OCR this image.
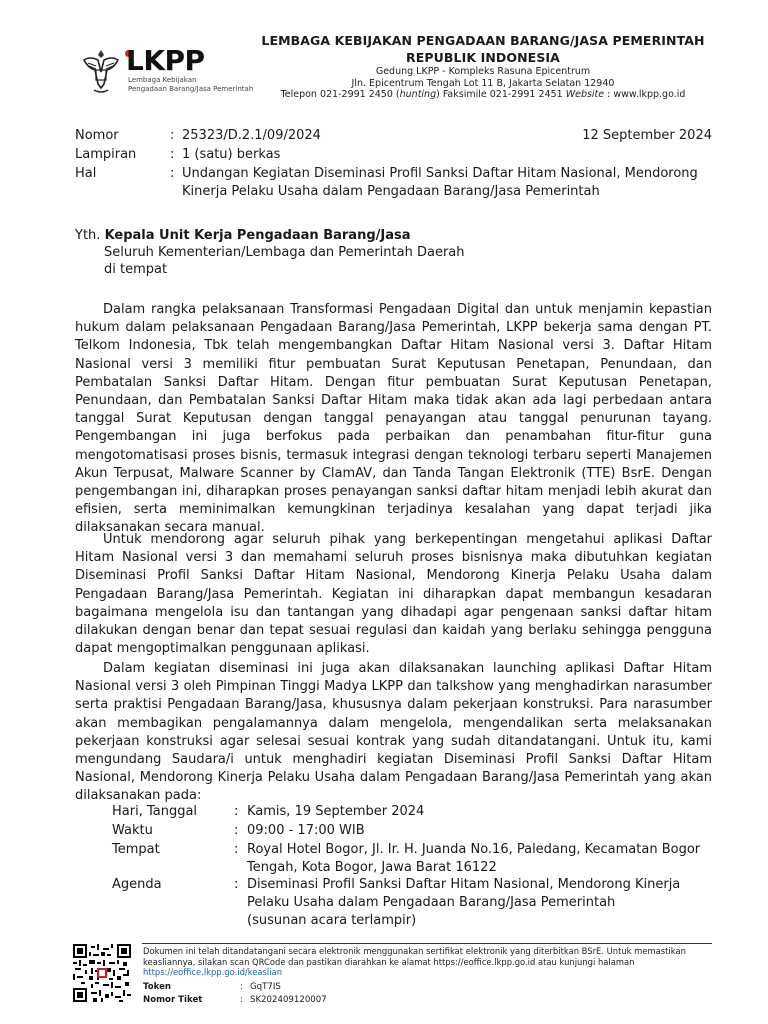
LKPP
Lembaga Kebijakan
Pengadaan Barang/Jasa Pemerintah
LEMBAGA KEBIJAKAN PENGADAAN BARANG/JASA PEMERINTAH
REPUBLIK INDONESIA
Gedung LKPP - Kompleks Rasuna Epicentrum
Jln. Epicentrum Tengah Lot 11 B, Jakarta Selatan 12940
Telepon 021-2991 2450 (hunting) Faksimile 021-2991 2451 Website : www.lkpp.go.id
Nomor	: 25323/D.2.1/09/2024	12 September 2024
Lampiran	: 1 (satu) berkas
Hal	: Undangan Kegiatan Diseminasi Profil Sanksi Daftar Hitam Nasional, Mendorong
Kinerja Pelaku Usaha dalam Pengadaan Barang/Jasa Pemerintah
Yth. Kepala Unit Kerja Pengadaan Barang/Jasa
Seluruh Kementerian/Lembaga dan Pemerintah Daerah
di tempat

Dalam rangka pelaksanaan Transformasi Pengadaan Digital dan untuk menjamin kepastian hukum dalam pelaksanaan Pengadaan Barang/Jasa Pemerintah, LKPP bekerja sama dengan PT. Telkom Indonesia, Tbk telah mengembangkan Daftar Hitam Nasional versi 3. Daftar Hitam Nasional versi 3 memiliki fitur pembuatan Surat Keputusan Penetapan, Penundaan, dan Pembatalan Sanksi Daftar Hitam. Dengan fitur pembuatan Surat Keputusan Penetapan, Penundaan, dan Pembatalan Sanksi Daftar Hitam maka tidak akan ada lagi perbedaan antara tanggal Surat Keputusan dengan tanggal penayangan atau tanggal penurunan tayang. Pengembangan ini juga berfokus pada perbaikan dan penambahan fitur-fitur guna mengotomatisasi proses bisnis, termasuk integrasi dengan teknologi terbaru seperti Manajemen Akun Terpusat, Malware Scanner by ClamAV, dan Tanda Tangan Elektronik (TTE) BsrE. Dengan pengembangan ini, diharapkan proses penayangan sanksi daftar hitam menjadi lebih akurat dan efisien, serta meminimalkan kemungkinan terjadinya kesalahan yang dapat terjadi jika dilaksanakan secara manual.

Untuk mendorong agar seluruh pihak yang berkepentingan mengetahui aplikasi Daftar Hitam Nasional versi 3 dan memahami seluruh proses bisnisnya maka dibutuhkan kegiatan Diseminasi Profil Sanksi Daftar Hitam Nasional, Mendorong Kinerja Pelaku Usaha dalam Pengadaan Barang/Jasa Pemerintah. Kegiatan ini diharapkan dapat membangun kesadaran bagaimana mengelola isu dan tantangan yang dihadapi agar pengenaan sanksi daftar hitam dilakukan dengan benar dan tepat sesuai regulasi dan kaidah yang berlaku sehingga pengguna dapat mengoptimalkan penggunaan aplikasi.

Dalam kegiatan diseminasi ini juga akan dilaksanakan launching aplikasi Daftar Hitam Nasional versi 3 oleh Pimpinan Tinggi Madya LKPP dan talkshow yang menghadirkan narasumber serta praktisi Pengadaan Barang/Jasa, khususnya dalam pekerjaan konstruksi. Para narasumber akan membagikan pengalamannya dalam mengelola, mengendalikan serta melaksanakan pekerjaan konstruksi agar selesai sesuai kontrak yang sudah ditandatangani. Untuk itu, kami mengundang Saudara/i untuk menghadiri kegiatan Diseminasi Profil Sanksi Daftar Hitam Nasional, Mendorong Kinerja Pelaku Usaha dalam Pengadaan Barang/Jasa Pemerintah yang akan dilaksanakan pada:

Hari, Tanggal	: Kamis, 19 September 2024
Waktu	: 09:00 - 17:00 WIB
Tempat	: Royal Hotel Bogor, Jl. Ir. H. Juanda No.16, Paledang, Kecamatan Bogor
Tengah, Kota Bogor, Jawa Barat 16122
Agenda	: Diseminasi Profil Sanksi Daftar Hitam Nasional, Mendorong Kinerja
Pelaku Usaha dalam Pengadaan Barang/Jasa Pemerintah
(susunan acara terlampir)
Dokumen ini telah ditandatangani secara elektronik menggunakan sertifikat elektronik yang diterbitkan BSrE. Untuk memastikan keasliannya, silakan scan QRCode dan pastikan diarahkan ke alamat https://eoffice.lkpp.go.id atau kunjungi halaman
https://eoffice.lkpp.go.id/keaslian
Token	: GqT7IS
Nomor Tiket	: SK202409120007
